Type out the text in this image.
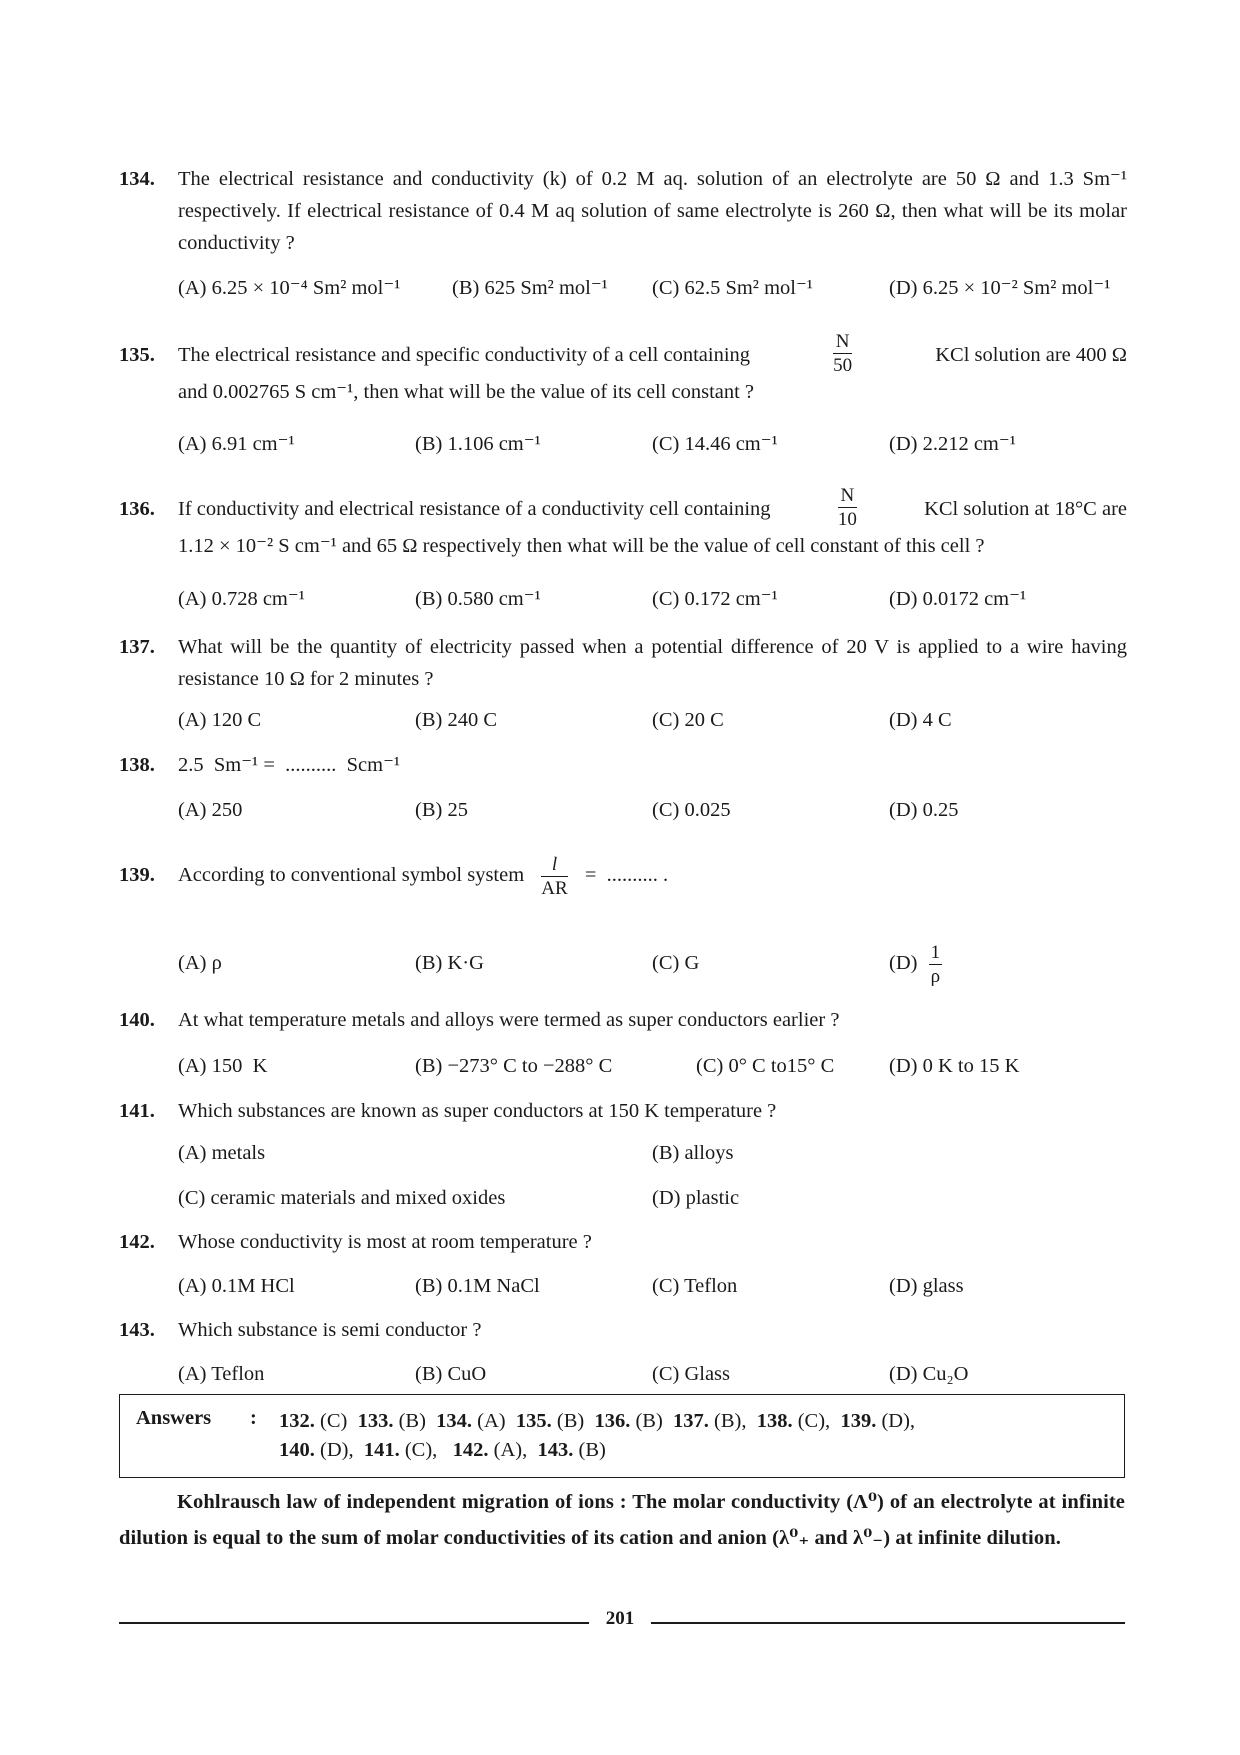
134. The electrical resistance and conductivity (k) of 0.2 M aq. solution of an electrolyte are 50 Ω and 1.3 Sm⁻¹ respectively. If electrical resistance of 0.4 M aq solution of same electrolyte is 260 Ω, then what will be its molar conductivity ?
(A) 6.25 × 10⁻⁴ Sm² mol⁻¹	(B) 625 Sm² mol⁻¹ (C) 62.5 Sm² mol⁻¹	(D) 6.25 × 10⁻² Sm² mol⁻¹
135. The electrical resistance and specific conductivity of a cell containing	$\frac{N}{50}$	KCl solution are 400 Ω
and 0.002765 S cm⁻¹, then what will be the value of its cell constant ?
(A) 6.91 cm⁻¹	(B) 1.106 cm⁻¹	(C) 14.46 cm⁻¹	(D) 2.212 cm⁻¹
136. If conductivity and electrical resistance of a conductivity cell containing	$\frac{N}{10}$	KCl solution at 18°C are
1.12 × 10⁻² S cm⁻¹ and 65 Ω respectively then what will be the value of cell constant of this cell ?
(A) 0.728 cm⁻¹	(B) 0.580 cm⁻¹	(C) 0.172 cm⁻¹	(D) 0.0172 cm⁻¹
137. What will be the quantity of electricity passed when a potential difference of 20 V is applied to a wire having resistance 10 Ω for 2 minutes ?
(A) 120 C	(B) 240 C	(C) 20 C	(D) 4 C
138. 2.5  Sm⁻¹ =  ..........  Scm⁻¹
(A) 250	(B) 25	(C) 0.025	(D) 0.25
139. According to conventional symbol system $\frac{l}{AR}$ =  .......... .
(A) ρ	(B) K·G	(C) G	$(D) \frac{1}{\rho}$
140. At what temperature metals and alloys were termed as super conductors earlier ?
(A) 150  K	(B) −273° C to −288° C	(C) 0° C to15° C	(D) 0 K to 15 K
141. Which substances are known as super conductors at 150 K temperature ?
(A) metals	(B) alloys
(C) ceramic materials and mixed oxides	(D) plastic
142. Whose conductivity is most at room temperature ?
(A) 0.1M HCl	(B) 0.1M NaCl	(C) Teflon	(D) glass
143. Which substance is semi conductor ?
(A) Teflon	(B) CuO	(C) Glass	(D) Cu₂O
Answers : 132. (C) 133. (B) 134. (A) 135. (B) 136. (B) 137. (B), 138. (C), 139. (D),
140. (D), 141. (C), 142. (A), 143. (B)
Kohlrausch law of independent migration of ions : The molar conductivity (Λ⁰) of an electrolyte at infinite dilution is equal to the sum of molar conductivities of its cation and anion (λ⁰₊ and λ⁰₋) at infinite dilution.
201
